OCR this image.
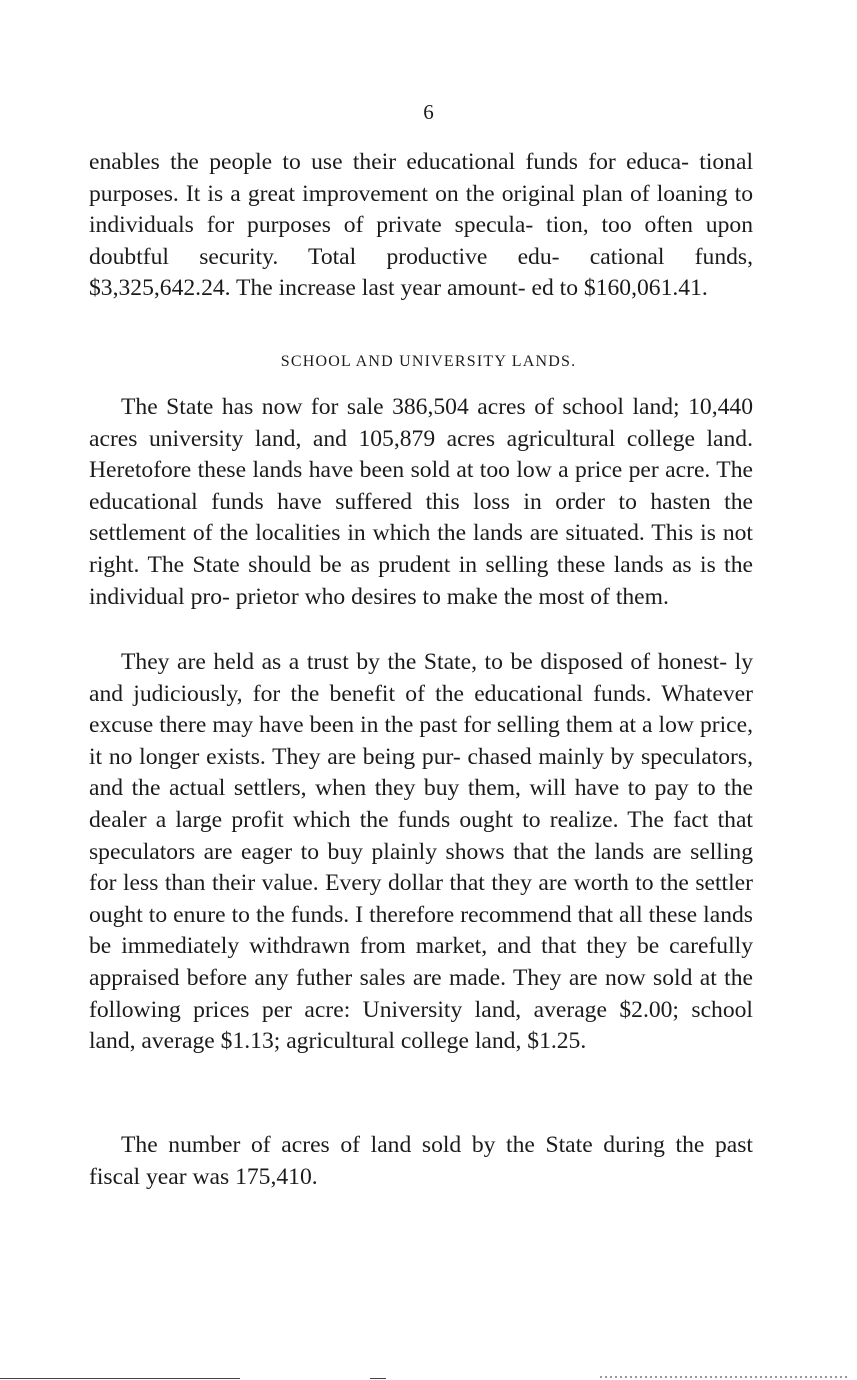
6

enables the people to use their educational funds for educa- tional purposes. It is a great improvement on the original plan of loaning to individuals for purposes of private specula- tion, too often upon doubtful security. Total productive edu- cational funds, $3,325,642.24. The increase last year amount- ed to $160,061.41.

SCHOOL AND UNIVERSITY LANDS.

The State has now for sale 386,504 acres of school land; 10,440 acres university land, and 105,879 acres agricultural college land. Heretofore these lands have been sold at too low a price per acre. The educational funds have suffered this loss in order to hasten the settlement of the localities in which the lands are situated. This is not right. The State should be as prudent in selling these lands as is the individual pro- prietor who desires to make the most of them.

They are held as a trust by the State, to be disposed of honest- ly and judiciously, for the benefit of the educational funds. Whatever excuse there may have been in the past for selling them at a low price, it no longer exists. They are being pur- chased mainly by speculators, and the actual settlers, when they buy them, will have to pay to the dealer a large profit which the funds ought to realize. The fact that speculators are eager to buy plainly shows that the lands are selling for less than their value. Every dollar that they are worth to the settler ought to enure to the funds. I therefore recommend that all these lands be immediately withdrawn from market, and that they be carefully appraised before any futher sales are made. They are now sold at the following prices per acre: University land, average $2.00; school land, average $1.13; agricultural college land, $1.25.

The number of acres of land sold by the State during the past fiscal year was 175,410.
